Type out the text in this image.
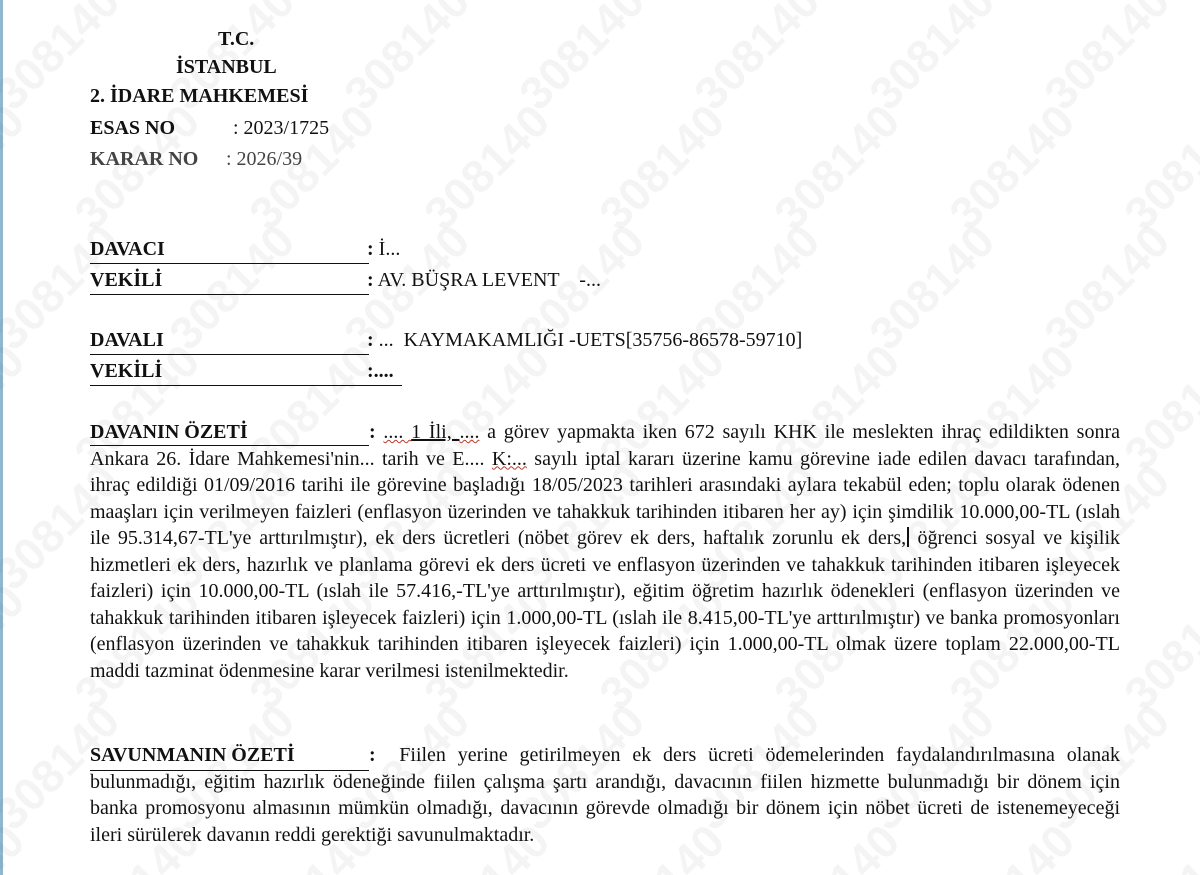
T.C.
İSTANBUL
2. İDARE MAHKEMESİ
ESAS NO	: 2023/1725
KARAR NO : 2026/39
DAVACI	: İ...
VEKİLİ	: AV. BÜŞRA LEVENT    -...
DAVALI	: ...  KAYMAKAMLIĞI -UETS[35756-86578-59710]
VEKİLİ	:....
DAVANIN ÖZETİ	: .... 1 İli, .... a görev yapmakta iken 672 sayılı KHK ile meslekten ihraç edildikten sonra Ankara 26. İdare Mahkemesi'nin... tarih ve E.... K:... sayılı iptal kararı üzerine kamu görevine iade edilen davacı tarafından, ihraç edildiği 01/09/2016 tarihi ile görevine başladığı 18/05/2023 tarihleri arasındaki aylara tekabül eden; toplu olarak ödenen maaşları için verilmeyen faizleri (enflasyon üzerinden ve tahakkuk tarihinden itibaren her ay) için şimdilik 10.000,00-TL (ıslah ile 95.314,67-TL'ye arttırılmıştır), ek ders ücretleri (nöbet görev ek ders, haftalık zorunlu ek ders, öğrenci sosyal ve kişilik hizmetleri ek ders, hazırlık ve planlama görevi ek ders ücreti ve enflasyon üzerinden ve tahakkuk tarihinden itibaren işleyecek faizleri) için 10.000,00-TL (ıslah ile 57.416,-TL'ye arttırılmıştır), eğitim öğretim hazırlık ödenekleri (enflasyon üzerinden ve tahakkuk tarihinden itibaren işleyecek faizleri) için 1.000,00-TL (ıslah ile 8.415,00-TL'ye arttırılmıştır) ve banka promosyonları (enflasyon üzerinden ve tahakkuk tarihinden itibaren işleyecek faizleri) için 1.000,00-TL olmak üzere toplam 22.000,00-TL maddi tazminat ödenmesine karar verilmesi istenilmektedir.
SAVUNMANIN ÖZETİ	: Fiilen yerine getirilmeyen ek ders ücreti ödemelerinden faydalandırılmasına olanak bulunmadığı, eğitim hazırlık ödeneğinde fiilen çalışma şartı arandığı, davacının fiilen hizmette bulunmadığı bir dönem için banka promosyonu almasının mümkün olmadığı, davacının görevde olmadığı bir dönem için nöbet ücreti de istenemeyeceği ileri sürülerek davanın reddi gerektiği savunulmaktadır.
